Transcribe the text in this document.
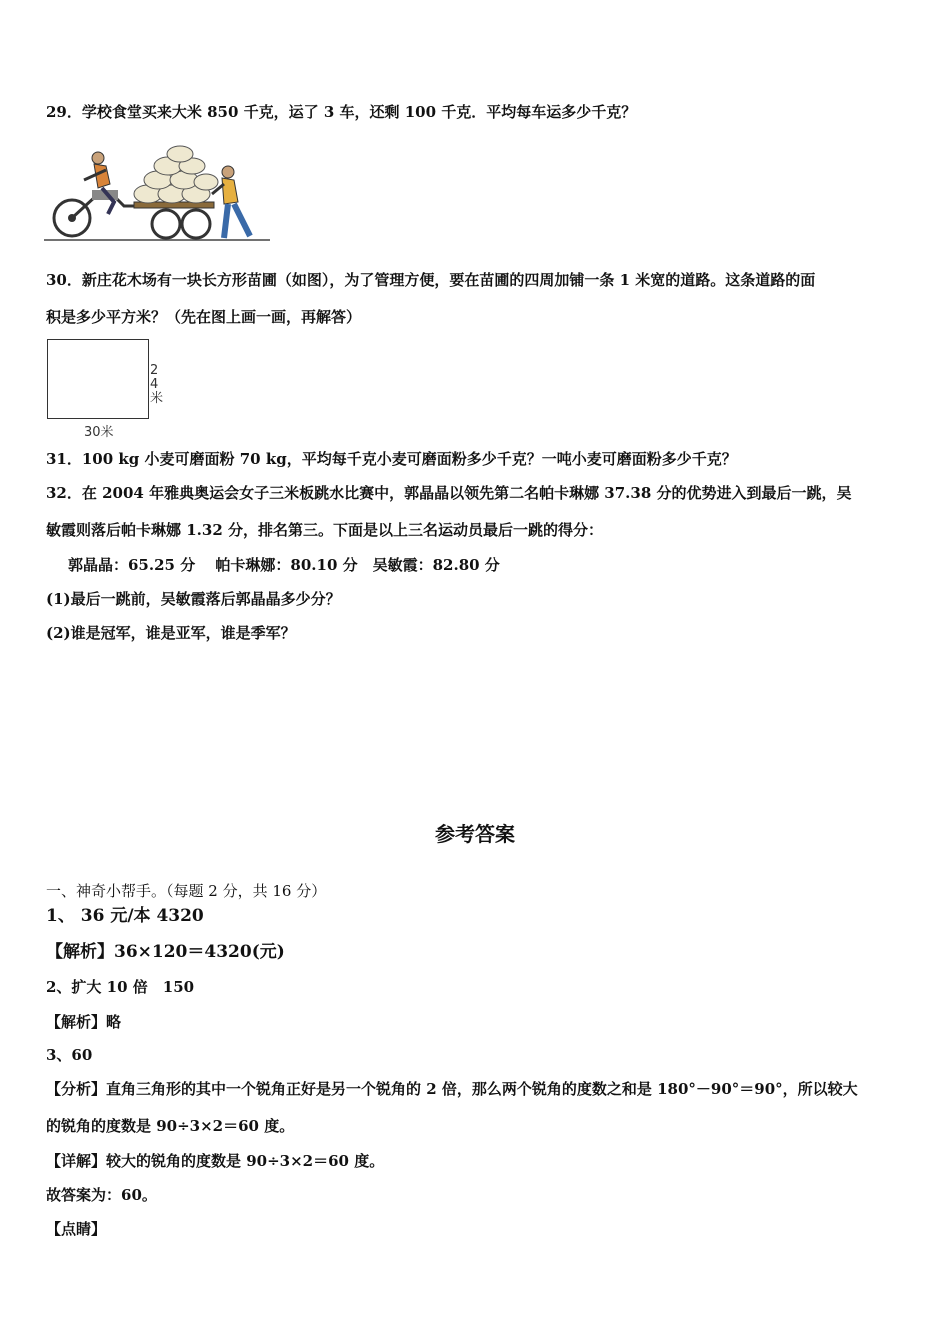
29．学校食堂买来大米 850 千克，运了 3 车，还剩 100 千克．平均每车运多少千克？
30．新庄花木场有一块长方形苗圃（如图），为了管理方便，要在苗圃的四周加铺一条 1 米宽的道路。这条道路的面
积是多少平方米？（先在图上画一画，再解答）
24米
30米
31．100 kg 小麦可磨面粉 70 kg，平均每千克小麦可磨面粉多少千克？一吨小麦可磨面粉多少千克？
32．在 2004 年雅典奥运会女子三米板跳水比赛中，郭晶晶以领先第二名帕卡琳娜 37.38 分的优势进入到最后一跳，吴
敏霞则落后帕卡琳娜 1.32 分，排名第三。下面是以上三名运动员最后一跳的得分：
郭晶晶：65.25 分　 帕卡琳娜：80.10 分　吴敏霞：82.80 分
(1)最后一跳前，吴敏霞落后郭晶晶多少分？
(2)谁是冠军，谁是亚军，谁是季军？
参考答案
一、神奇小帮手。（每题 2 分，共 16 分）
1、 36 元/本 4320
【解析】36×120＝4320(元)
2、扩大 10 倍　150
【解析】略
3、60
【分析】直角三角形的其中一个锐角正好是另一个锐角的 2 倍，那么两个锐角的度数之和是 180°－90°＝90°，所以较大
的锐角的度数是 90÷3×2＝60 度。
【详解】较大的锐角的度数是 90÷3×2＝60 度。
故答案为：60。
【点睛】
